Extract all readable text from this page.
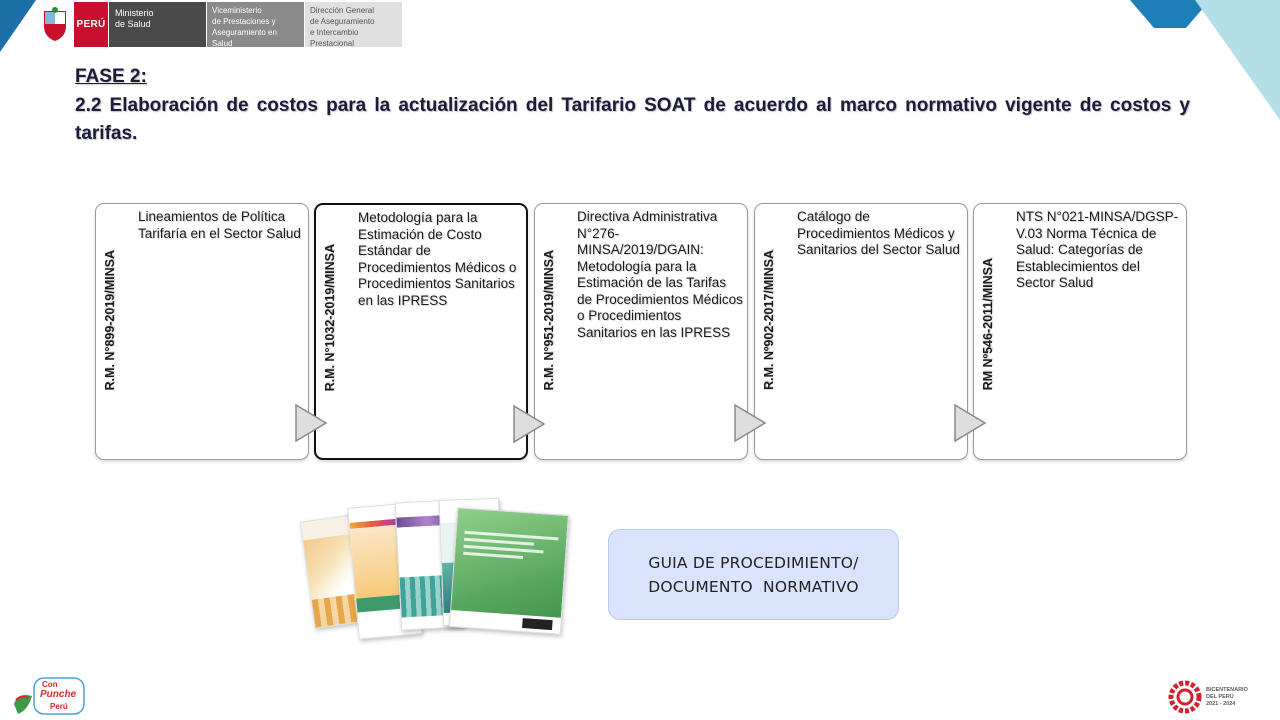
PERÚ
Ministerio
de Salud
Viceministerio
de Prestaciones y
Aseguramiento en Salud
Dirección General
de Aseguramiento
e Intercambio Prestacional
FASE 2:
2.2 Elaboración de costos para la actualización del Tarifario SOAT de acuerdo al marco normativo vigente de costos y tarifas.
R.M. N°899-2019/MINSA
Lineamientos de Política Tarifaría en el Sector Salud
R.M. N°1032-2019/MINSA
Metodología para la Estimación de Costo Estándar de Procedimientos Médicos o Procedimientos Sanitarios en las IPRESS	R.M. N°951-2019/MINSA
Directiva Administrativa N°276-MINSA/2019/DGAIN: Metodología para la Estimación de las Tarifas de Procedimientos Médicos o Procedimientos Sanitarios en las IPRESS	R.M. Nº902-2017/MINSA
Catálogo de Procedimientos Médicos y Sanitarios del Sector Salud
RM Nº546-2011/MINSA
NTS N°021-MINSA/DGSP-V.03 Norma Técnica de Salud: Categorías de Establecimientos del Sector Salud
GUIA DE PROCEDIMIENTO/
DOCUMENTO  NORMATIVO
Con
Punche
Perú
BICENTENARIO
DEL PERÚ
2021 - 2024
